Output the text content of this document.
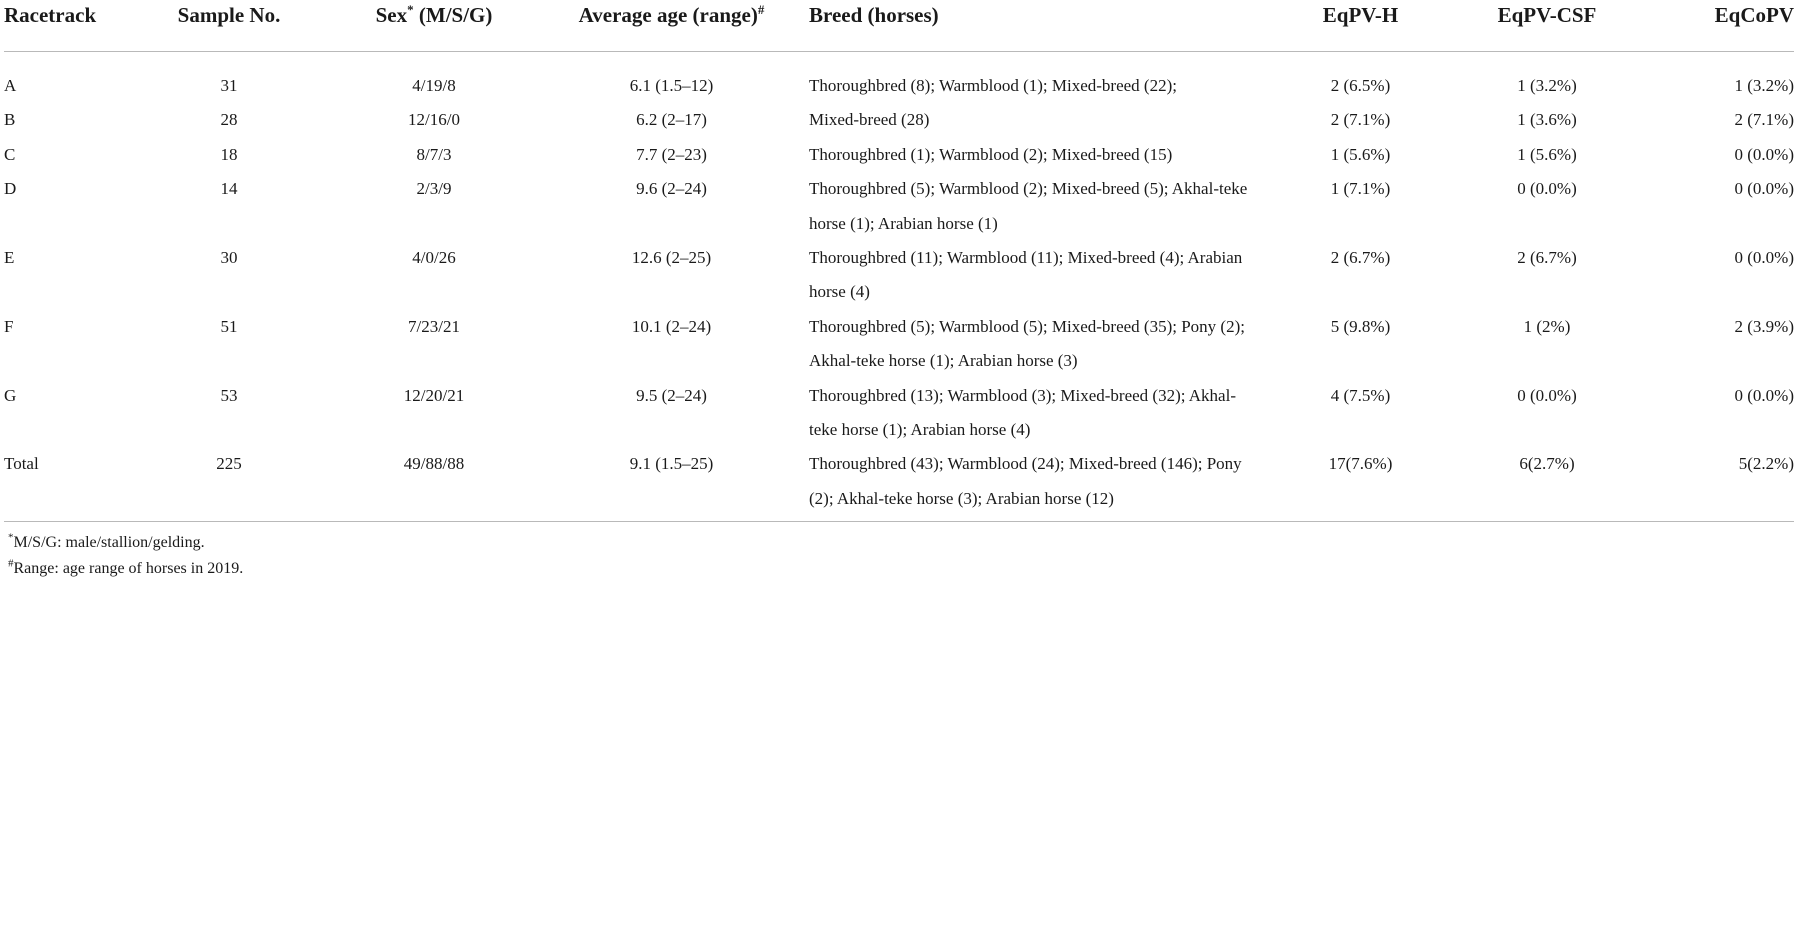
Racetrack	Sample No.	Sex* (M/S/G)	Average age (range)#	Breed (horses)	EqPV-H	EqPV-CSF	EqCoPV
A	31	4/19/8	6.1 (1.5–12)	Thoroughbred (8); Warmblood (1); Mixed-breed (22);	2 (6.5%)	1 (3.2%)	1 (3.2%)
B	28	12/16/0	6.2 (2–17)	Mixed-breed (28)	2 (7.1%)	1 (3.6%)	2 (7.1%)
C	18	8/7/3	7.7 (2–23)	Thoroughbred (1); Warmblood (2); Mixed-breed (15)	1 (5.6%)	1 (5.6%)	0 (0.0%)
D	14	2/3/9	9.6 (2–24)	Thoroughbred (5); Warmblood (2); Mixed-breed (5); Akhal-teke horse (1); Arabian horse (1)	1 (7.1%)	0 (0.0%)	0 (0.0%)
E	30	4/0/26	12.6 (2–25)	Thoroughbred (11); Warmblood (11); Mixed-breed (4); Arabian horse (4)	2 (6.7%)	2 (6.7%)	0 (0.0%)
F	51	7/23/21	10.1 (2–24)	Thoroughbred (5); Warmblood (5); Mixed-breed (35); Pony (2); Akhal-teke horse (1); Arabian horse (3)	5 (9.8%)	1 (2%)	2 (3.9%)
G	53	12/20/21	9.5 (2–24)	Thoroughbred (13); Warmblood (3); Mixed-breed (32); Akhal-teke horse (1); Arabian horse (4)	4 (7.5%)	0 (0.0%)	0 (0.0%)
Total	225	49/88/88	9.1 (1.5–25)	Thoroughbred (43); Warmblood (24); Mixed-breed (146); Pony (2); Akhal-teke horse (3); Arabian horse (12)	17(7.6%)	6(2.7%)	5(2.2%)
*M/S/G: male/stallion/gelding.
#Range: age range of horses in 2019.
